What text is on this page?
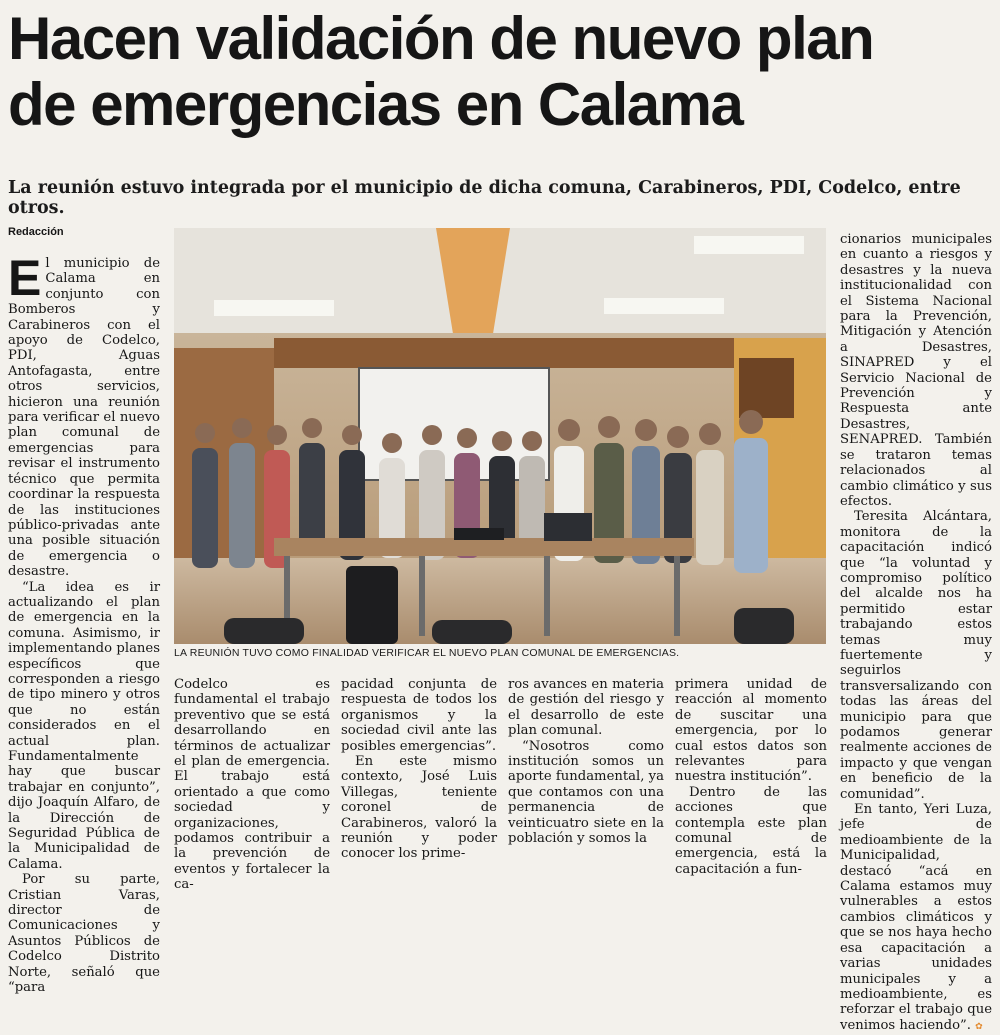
Hacen validación de nuevo plan
de emergencias en Calama

La reunión estuvo integrada por el municipio de dicha comuna, Carabineros, PDI, Codelco, entre otros.

Redacción

El municipio de Calama en conjunto con Bomberos y Carabineros con el apoyo de Codelco, PDI, Aguas Antofagasta, entre otros servicios, hicieron una reunión para verificar el nuevo plan comunal de emergencias para revisar el instrumento técnico que permita coordinar la respuesta de las instituciones público-privadas ante una posible situación de emergencia o desastre.

“La idea es ir actualizando el plan de emergencia en la comuna. Asimismo, ir implementando planes específicos que corresponden a riesgo de tipo minero y otros que no están considerados en el actual plan. Fundamentalmente hay que buscar trabajar en conjunto”, dijo Joaquín Alfaro, de la Dirección de Seguridad Pública de la Municipalidad de Calama.

Por su parte, Cristian Varas, director de Comunicaciones y Asuntos Públicos de Codelco Distrito Norte, señaló que “para

LA REUNIÓN TUVO COMO FINALIDAD VERIFICAR EL NUEVO PLAN COMUNAL DE EMERGENCIAS.

cionarios municipales en cuanto a riesgos y desastres y la nueva institucionalidad con el Sistema Nacional para la Prevención, Mitigación y Atención a Desastres, SINAPRED y el Servicio Nacional de Prevención y Respuesta ante Desastres, SENAPRED. También se trataron temas relacionados al cambio climático y sus efectos.

Teresita Alcántara, monitora de la capacitación indicó que “la voluntad y compromiso político del alcalde nos ha permitido estar trabajando estos temas muy fuertemente y seguirlos transversalizando con todas las áreas del municipio para que podamos generar realmente acciones de impacto y que vengan en beneficio de la comunidad”.

En tanto, Yeri Luza, jefe de medioambiente de la Municipalidad, destacó “acá en Calama estamos muy vulnerables a estos cambios climáticos y que se nos haya hecho esa capacitación a varias unidades municipales y a medioambiente, es reforzar el trabajo que venimos haciendo”. ✿

Codelco es fundamental el trabajo preventivo que se está desarrollando en términos de actualizar el plan de emergencia. El trabajo está orientado a que como sociedad y organizaciones, podamos contribuir a la prevención de eventos y fortalecer la ca-

pacidad conjunta de respuesta de todos los organismos y la sociedad civil ante las posibles emergencias”.

En este mismo contexto, José Luis Villegas, teniente coronel de Carabineros, valoró la reunión y poder conocer los prime-

ros avances en materia de gestión del riesgo y el desarrollo de este plan comunal.

“Nosotros como institución somos un aporte fundamental, ya que contamos con una permanencia de veinticuatro siete en la población y somos la

primera unidad de reacción al momento de suscitar una emergencia, por lo cual estos datos son relevantes para nuestra institución”.

Dentro de las acciones que contempla este plan comunal de emergencia, está la capacitación a fun-
